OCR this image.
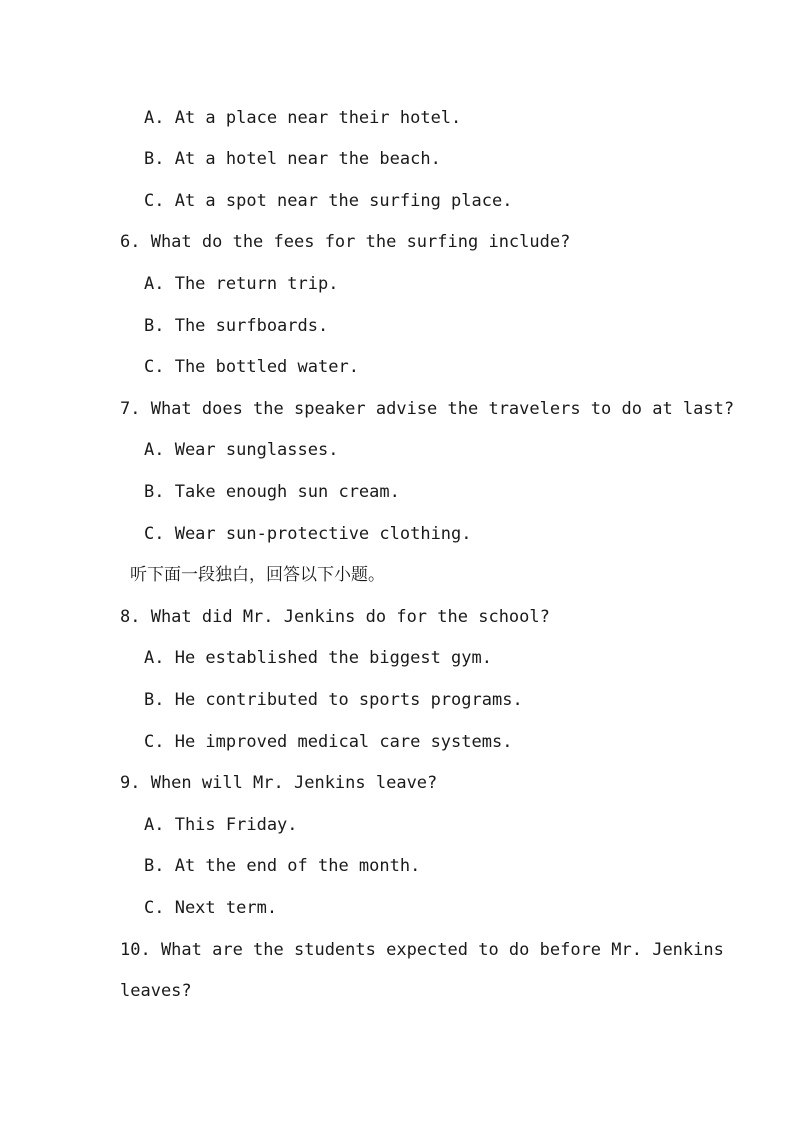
A. At a place near their hotel.
B. At a hotel near the beach.
C. At a spot near the surfing place.
6. What do the fees for the surfing include?
A. The return trip.
B. The surfboards.
C. The bottled water.
7. What does the speaker advise the travelers to do at last?
A. Wear sunglasses.
B. Take enough sun cream.
C. Wear sun-protective clothing.
听下面一段独白，回答以下小题。
8. What did Mr. Jenkins do for the school?
A. He established the biggest gym.
B. He contributed to sports programs.
C. He improved medical care systems.
9. When will Mr. Jenkins leave?
A. This Friday.
B. At the end of the month.
C. Next term.
10. What are the students expected to do before Mr. Jenkins
leaves?
